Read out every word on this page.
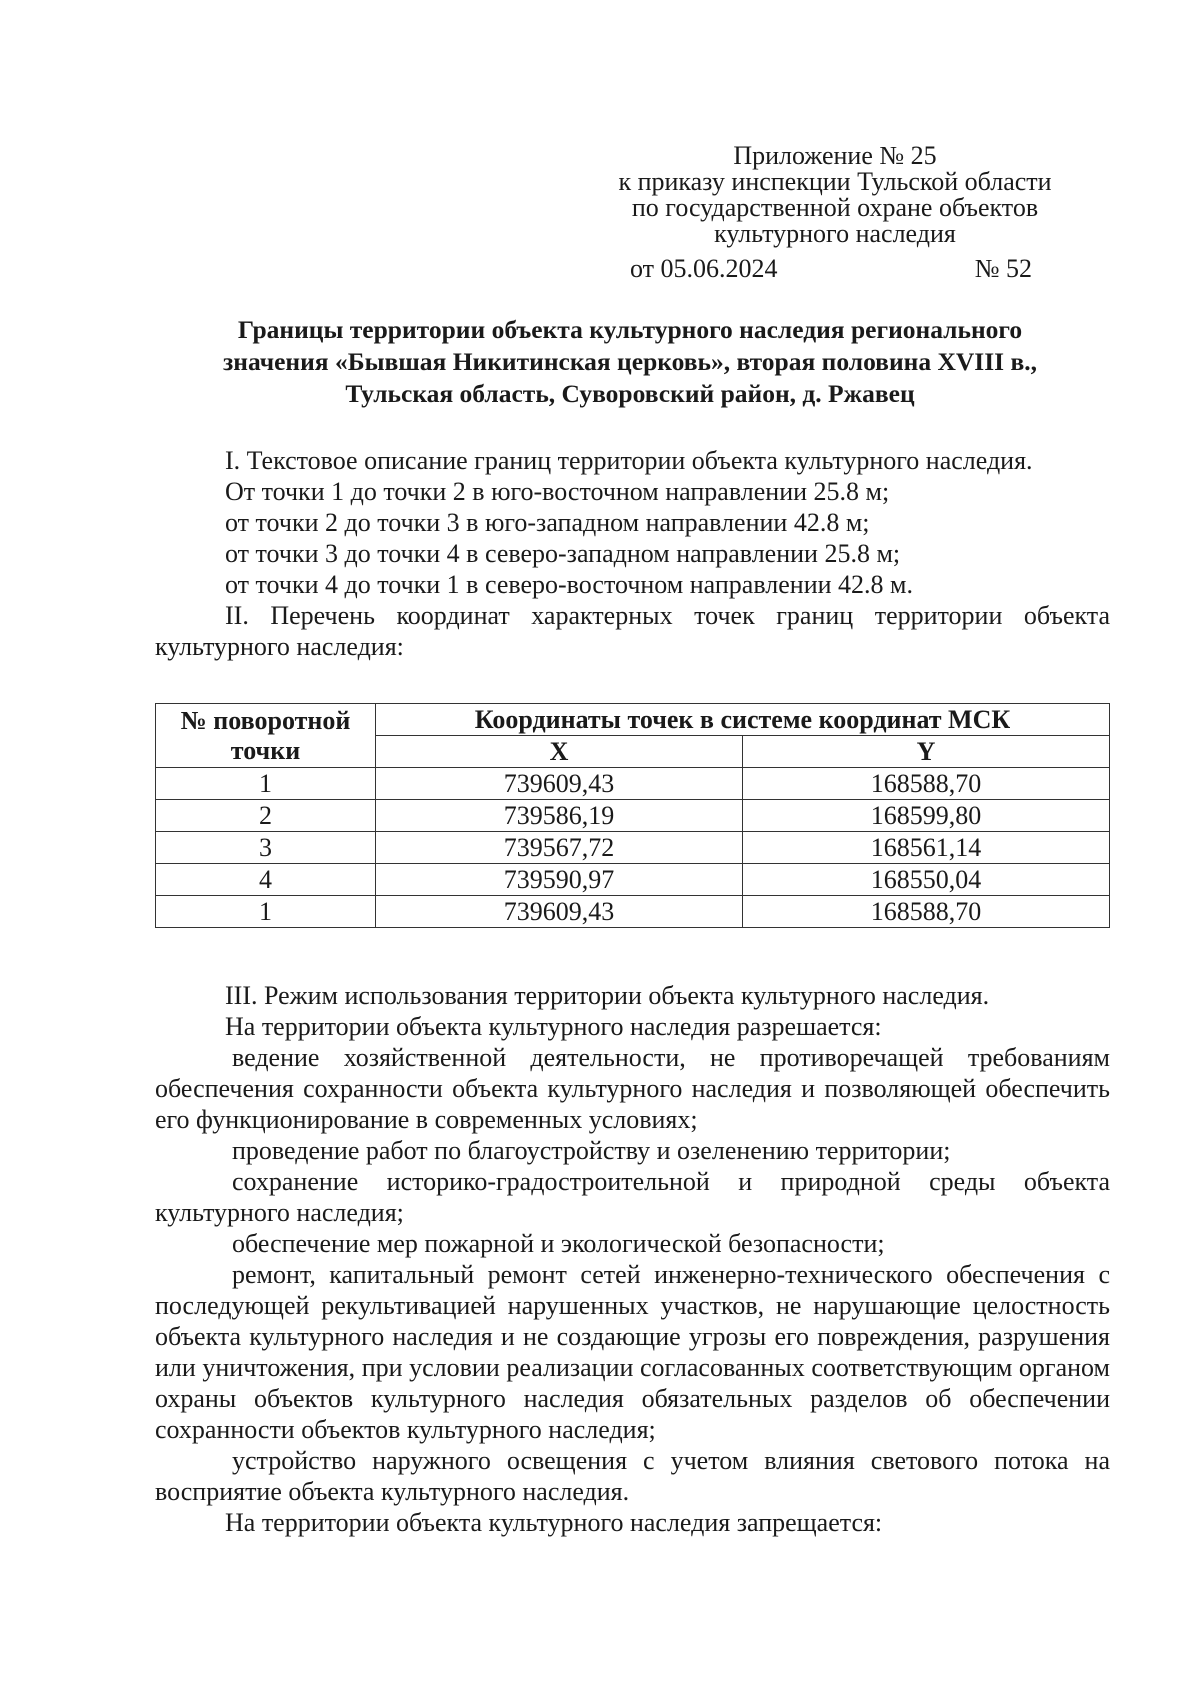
Приложение № 25
к приказу инспекции Тульской области
по государственной охране объектов
культурного наследия
от 05.06.2024	№ 52
Границы территории объекта культурного наследия регионального
значения «Бывшая Никитинская церковь», вторая половина XVIII в.,
Тульская область, Суворовский район, д. Ржавец

I. Текстовое описание границ территории объекта культурного наследия.

От точки 1 до точки 2 в юго-восточном направлении 25.8 м;

от точки 2 до точки 3 в юго-западном направлении 42.8 м;

от точки 3 до точки 4 в северо-западном направлении 25.8 м;

от точки 4 до точки 1 в северо-восточном направлении 42.8 м.

II. Перечень координат характерных точек границ территории объекта культурного наследия:

№ поворотной точки	Координаты точек в системе координат МСК	
	X	Y
1	739609,43	168588,70
2	739586,19	168599,80
3	739567,72	168561,14
4	739590,97	168550,04
1	739609,43	168588,70

III. Режим использования территории объекта культурного наследия.

На территории объекта культурного наследия разрешается:

ведение хозяйственной деятельности, не противоречащей требованиям обеспечения сохранности объекта культурного наследия и позволяющей обеспечить его функционирование в современных условиях;

проведение работ по благоустройству и озеленению территории;

сохранение историко-градостроительной и природной среды объекта культурного наследия;

обеспечение мер пожарной и экологической безопасности;

ремонт, капитальный ремонт сетей инженерно-технического обеспечения с последующей рекультивацией нарушенных участков, не нарушающие целостность объекта культурного наследия и не создающие угрозы его повреждения, разрушения или уничтожения, при условии реализации согласованных соответствующим органом охраны объектов культурного наследия обязательных разделов об обеспечении сохранности объектов культурного наследия;

устройство наружного освещения с учетом влияния светового потока на восприятие объекта культурного наследия.

На территории объекта культурного наследия запрещается:
